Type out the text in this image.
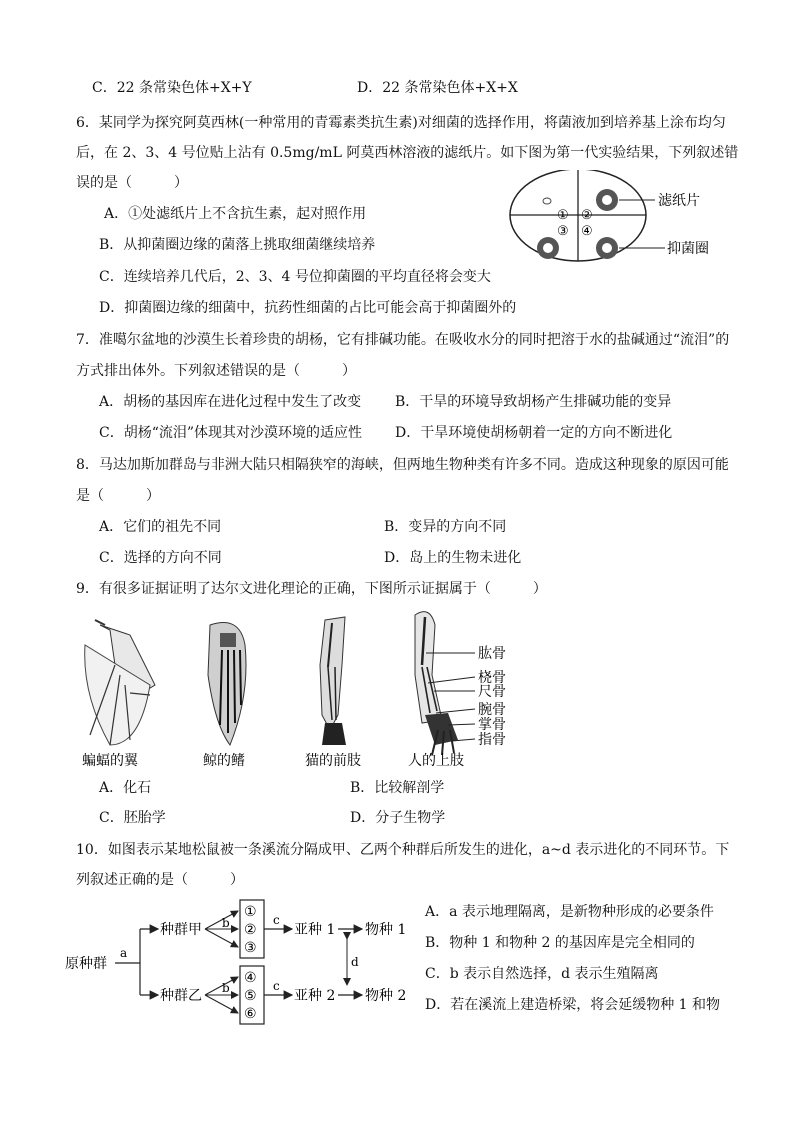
C．22 条常染色体+X+Y	D．22 条常染色体+X+X
6．某同学为探究阿莫西林(一种常用的青霉素类抗生素)对细菌的选择作用，将菌液加到培养基上涂布均匀
后，在 2、3、4 号位贴上沾有 0.5mg/mL 阿莫西林溶液的滤纸片。如下图为第一代实验结果，下列叙述错
误的是（　　　）
A．①处滤纸片上不含抗生素，起对照作用
B．从抑菌圈边缘的菌落上挑取细菌继续培养
C．连续培养几代后，2、3、4 号位抑菌圈的平均直径将会变大
D．抑菌圈边缘的细菌中，抗药性细菌的占比可能会高于抑菌圈外的
① ②
③ ④
滤纸片
抑菌圈
7．准噶尔盆地的沙漠生长着珍贵的胡杨，它有排碱功能。在吸收水分的同时把溶于水的盐碱通过“流泪”的
方式排出体外。下列叙述错误的是（　　　）
A．胡杨的基因库在进化过程中发生了改变 B．干旱的环境导致胡杨产生排碱功能的变异
C．胡杨“流泪”体现其对沙漠环境的适应性 D．干旱环境使胡杨朝着一定的方向不断进化
8．马达加斯加群岛与非洲大陆只相隔狭窄的海峡，但两地生物种类有许多不同。造成这种现象的原因可能
是（　　　）
A．它们的祖先不同	B．变异的方向不同
C．选择的方向不同	D．岛上的生物未进化
9．有很多证据证明了达尔文进化理论的正确，下图所示证据属于（　　　）
肱骨
桡骨
尺骨
腕骨
掌骨
指骨
蝙蝠的翼	鲸的鳍	猫的前肢	人的上肢
A．化石	B．比较解剖学
C．胚胎学	D．分子生物学
10．如图表示某地松鼠被一条溪流分隔成甲、乙两个种群后所发生的进化，a~d 表示进化的不同环节。下
列叙述正确的是（　　　）
原种群
a
种群甲
种群乙
b
b
①
②
③
④
⑤
⑥
c
c
亚种 1
亚种 2
物种 1
物种 2
d
A．a 表示地理隔离，是新物种形成的必要条件
B．物种 1 和物种 2 的基因库是完全相同的
C．b 表示自然选择，d 表示生殖隔离
D．若在溪流上建造桥梁，将会延缓物种 1 和物
